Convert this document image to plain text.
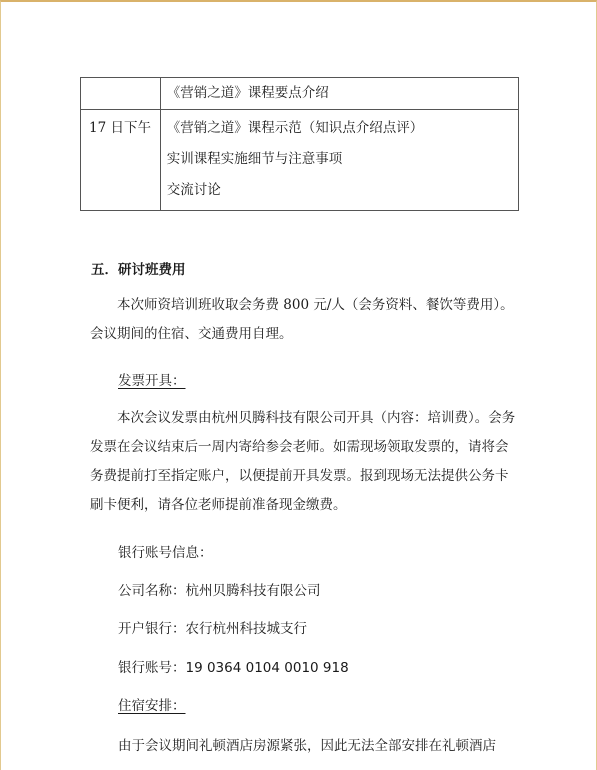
	《营销之道》课程要点介绍

17 日下午	《营销之道》课程示范（知识点介绍点评）
实训课程实施细节与注意事项
交流讨论
五．研讨班费用

本次师资培训班收取会务费 800 元/人（会务资料、餐饮等费用）。
会议期间的住宿、交通费用自理。

发票开具：

本次会议发票由杭州贝腾科技有限公司开具（内容：培训费）。会务发票在会议结束后一周内寄给参会老师。如需现场领取发票的，请将会务费提前打至指定账户，以便提前开具发票。报到现场无法提供公务卡刷卡便利，请各位老师提前准备现金缴费。

银行账号信息：
公司名称：杭州贝腾科技有限公司
开户银行：农行杭州科技城支行
银行账号：19 0364 0104 0010 918
住宿安排：
由于会议期间礼顿酒店房源紧张，因此无法全部安排在礼顿酒店
